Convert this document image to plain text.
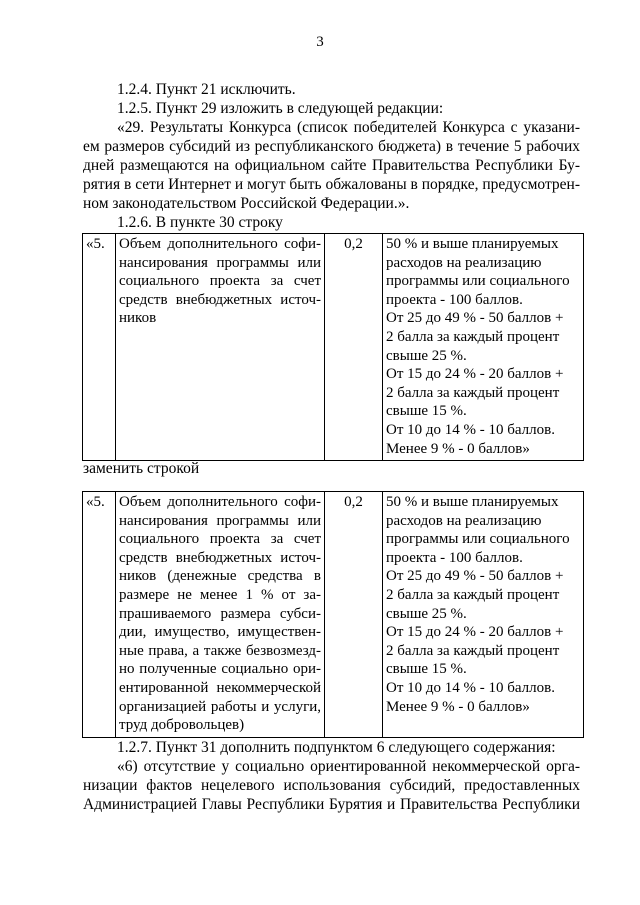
3
1.2.4. Пункт 21 исключить.
1.2.5. Пункт 29 изложить в следующей редакции:
«29. Результаты Конкурса (список победителей Конкурса с указани-
ем размеров субсидий из республиканского бюджета) в течение 5 рабочих
дней размещаются на официальном сайте Правительства Республики Бу-
рятия в сети Интернет и могут быть обжалованы в порядке, предусмотрен-
ном законодательством Российской Федерации.».
1.2.6. В пункте 30 строку
«5.	Объем дополнительного софи-
нансирования программы или
социального проекта за счет
средств внебюджетных источ-
ников
	0,2	50 % и выше планируемых
расходов на реализацию
программы или социального
проекта - 100 баллов.
От 25 до 49 % - 50 баллов +
2 балла за каждый процент
свыше 25 %.
От 15 до 24 % - 20 баллов +
2 балла за каждый процент
свыше 15 %.
От 10 до 14 % - 10 баллов.
Менее 9 % - 0 баллов»
заменить строкой
«5.	Объем дополнительного софи-
нансирования программы или
социального проекта за счет
средств внебюджетных источ-
ников (денежные средства в
размере не менее 1 % от за-
прашиваемого размера субси-
дии, имущество, имуществен-
ные права, а также безвозмезд-
но полученные социально ори-
ентированной некоммерческой
организацией работы и услуги,
труд добровольцев)
	0,2	50 % и выше планируемых
расходов на реализацию
программы или социального
проекта - 100 баллов.
От 25 до 49 % - 50 баллов +
2 балла за каждый процент
свыше 25 %.
От 15 до 24 % - 20 баллов +
2 балла за каждый процент
свыше 15 %.
От 10 до 14 % - 10 баллов.
Менее 9 % - 0 баллов»
1.2.7. Пункт 31 дополнить подпунктом 6 следующего содержания:
«6) отсутствие у социально ориентированной некоммерческой орга-
низации фактов нецелевого использования субсидий, предоставленных
Администрацией Главы Республики Бурятия и Правительства Республики
